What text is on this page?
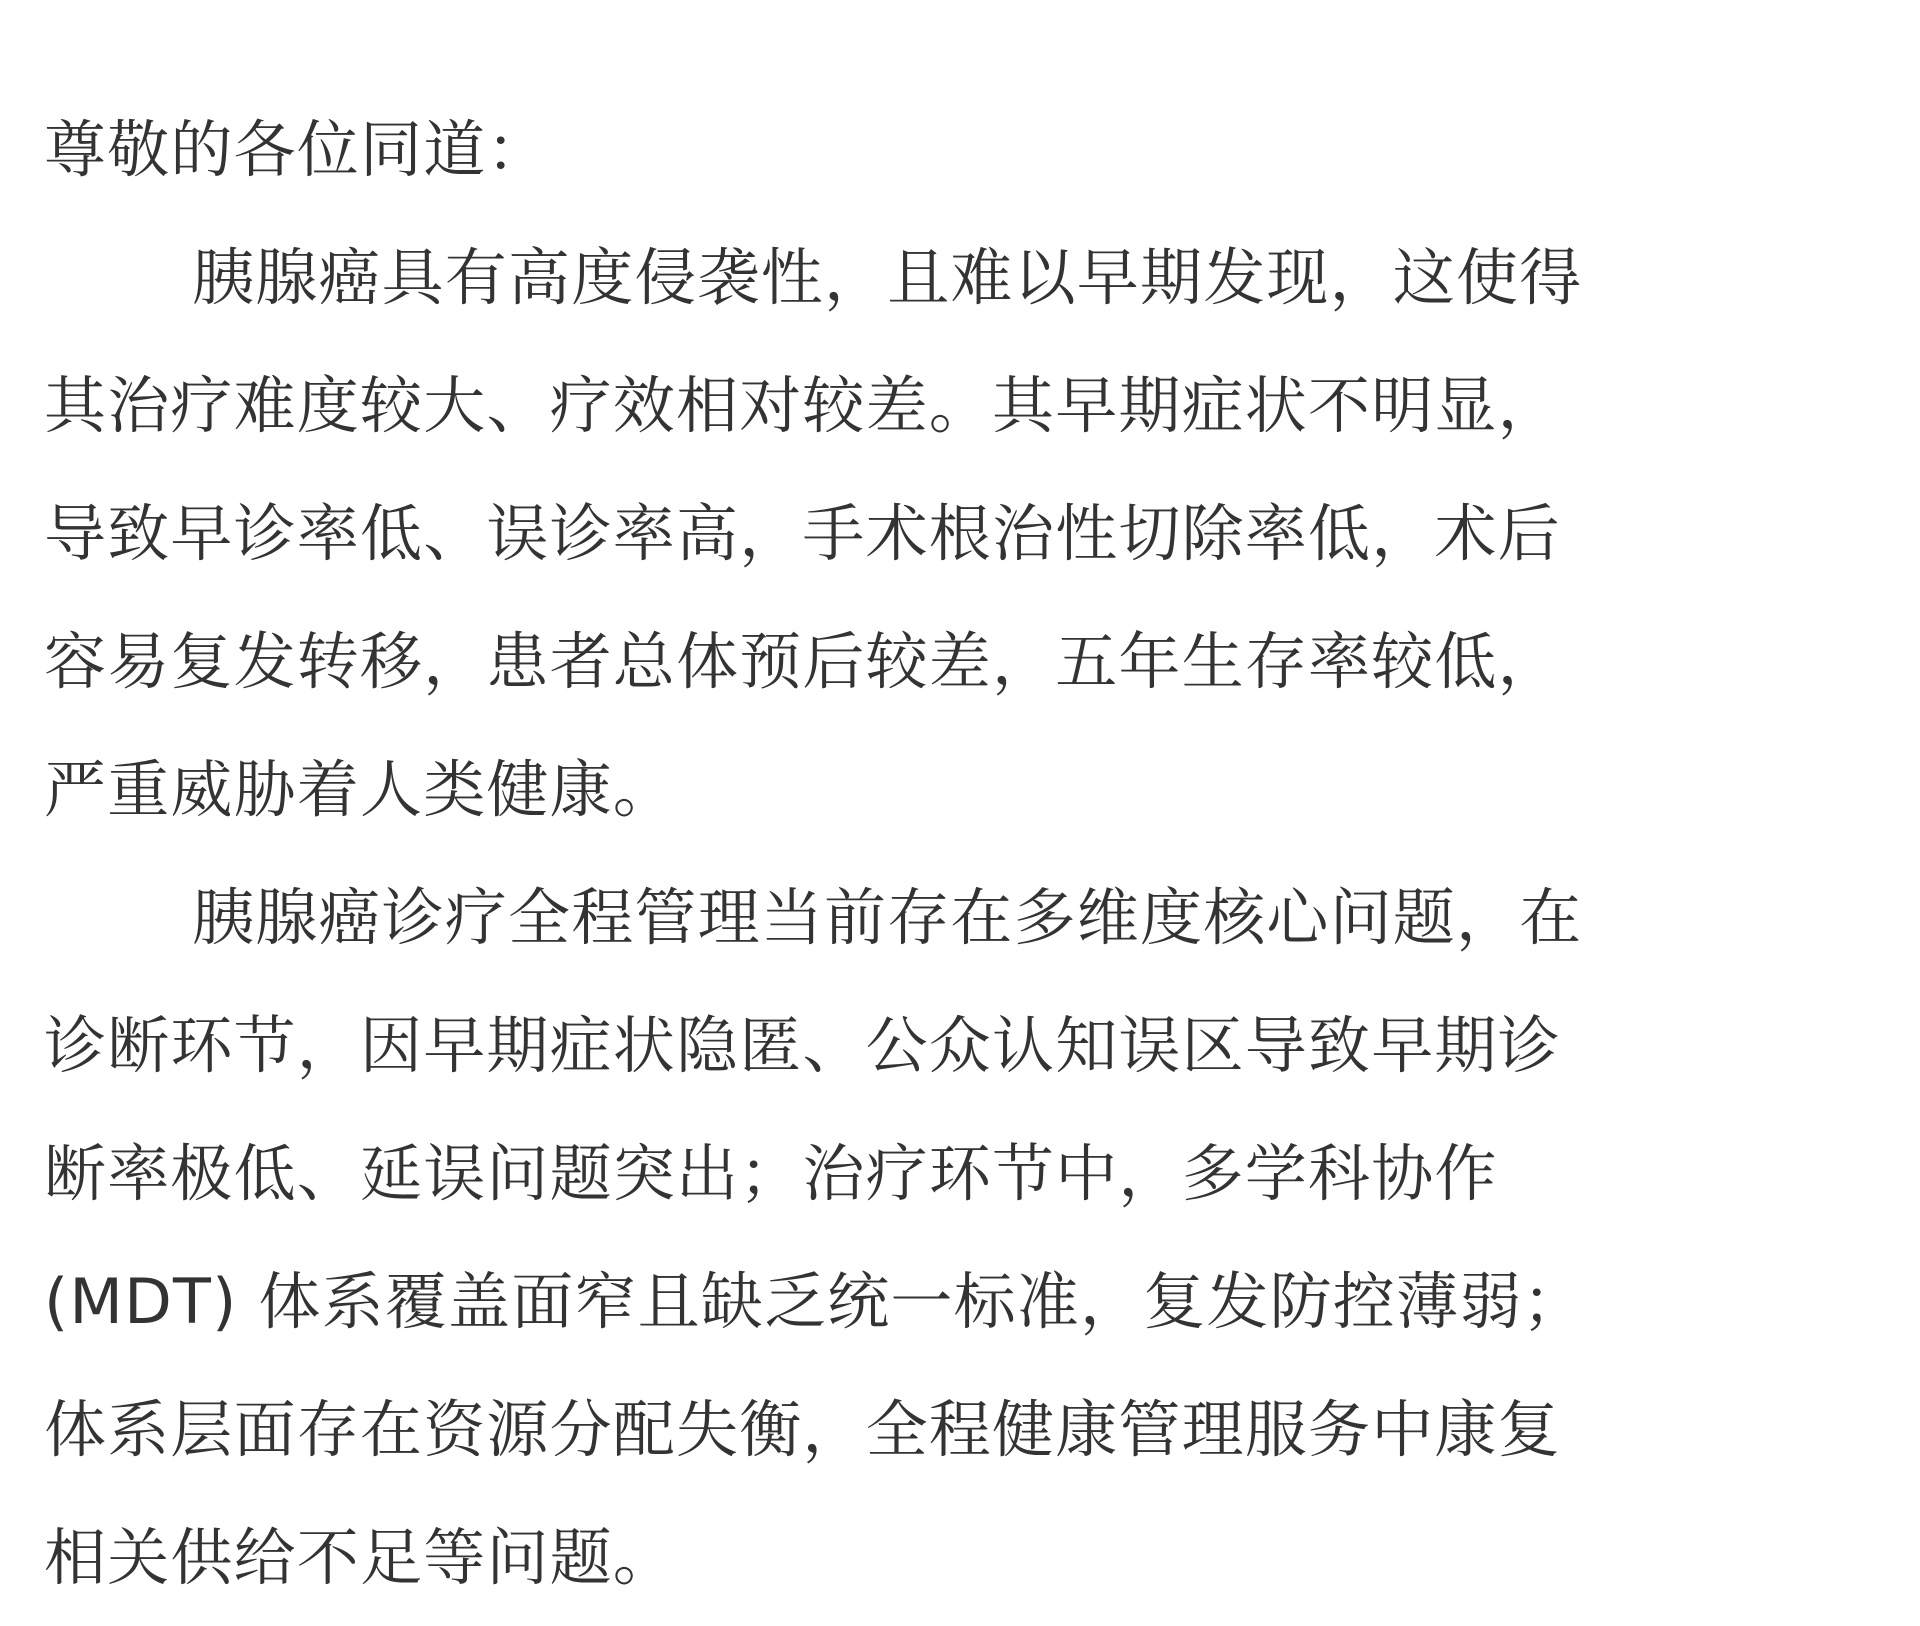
尊敬的各位同道：
胰腺癌具有高度侵袭性，且难以早期发现，这使得
其治疗难度较大、疗效相对较差。其早期症状不明显，
导致早诊率低、误诊率高，手术根治性切除率低，术后
容易复发转移，患者总体预后较差，五年生存率较低，
严重威胁着人类健康。
胰腺癌诊疗全程管理当前存在多维度核心问题，在
诊断环节，因早期症状隐匿、公众认知误区导致早期诊
断率极低、延误问题突出；治疗环节中，多学科协作
(MDT) 体系覆盖面窄且缺乏统一标准，复发防控薄弱；
体系层面存在资源分配失衡，全程健康管理服务中康复
相关供给不足等问题。
